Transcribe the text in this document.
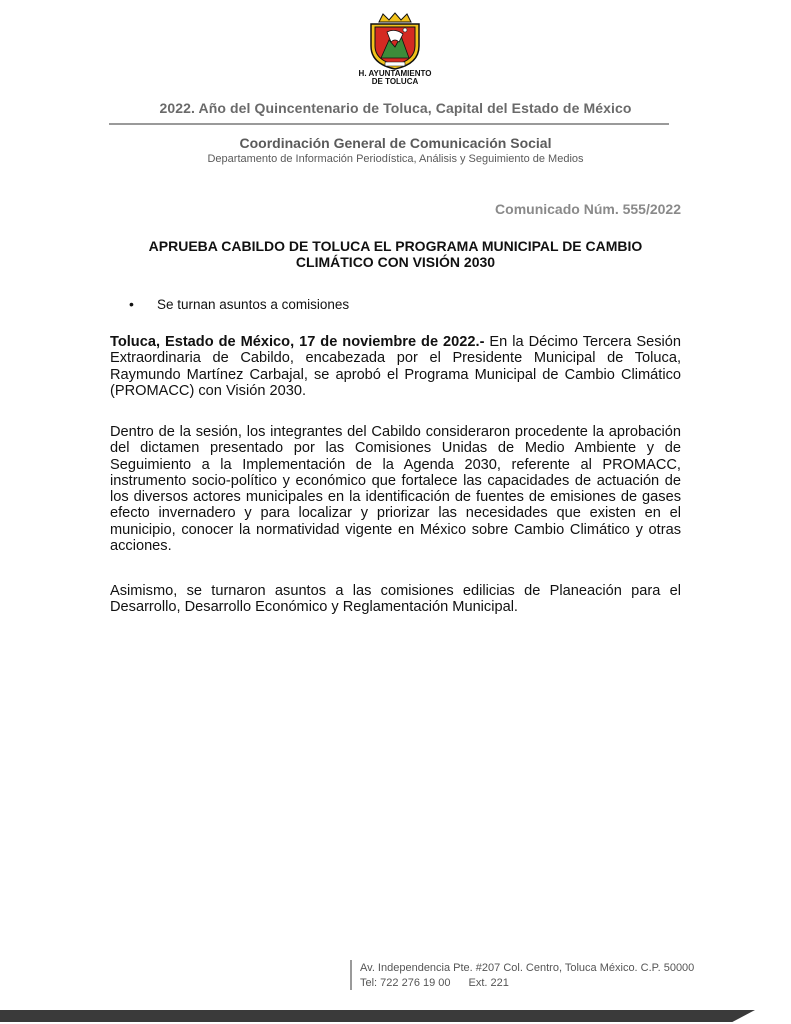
H. AYUNTAMIENTO
DE TOLUCA
2022. Año del Quincentenario de Toluca, Capital del Estado de México
Coordinación General de Comunicación Social
Departamento de Información Periodística, Análisis y Seguimiento de Medios
Comunicado Núm. 555/2022
APRUEBA CABILDO DE TOLUCA EL PROGRAMA MUNICIPAL DE CAMBIO
CLIMÁTICO CON VISIÓN 2030
• Se turnan asuntos a comisiones

Toluca, Estado de México, 17 de noviembre de 2022.- En la Décimo Tercera Sesión Extraordinaria de Cabildo, encabezada por el Presidente Municipal de Toluca, Raymundo Martínez Carbajal, se aprobó el Programa Municipal de Cambio Climático (PROMACC) con Visión 2030.

Dentro de la sesión, los integrantes del Cabildo consideraron procedente la aprobación del dictamen presentado por las Comisiones Unidas de Medio Ambiente y de Seguimiento a la Implementación de la Agenda 2030, referente al PROMACC, instrumento socio-político y económico que fortalece las capacidades de actuación de los diversos actores municipales en la identificación de fuentes de emisiones de gases efecto invernadero y para localizar y priorizar las necesidades que existen en el municipio, conocer la normatividad vigente en México sobre Cambio Climático y otras acciones.

Asimismo, se turnaron asuntos a las comisiones edilicias de Planeación para el Desarrollo, Desarrollo Económico y Reglamentación Municipal.

Av. Independencia Pte. #207 Col. Centro, Toluca México. C.P. 50000
Tel: 722 276 19 00 Ext. 221
